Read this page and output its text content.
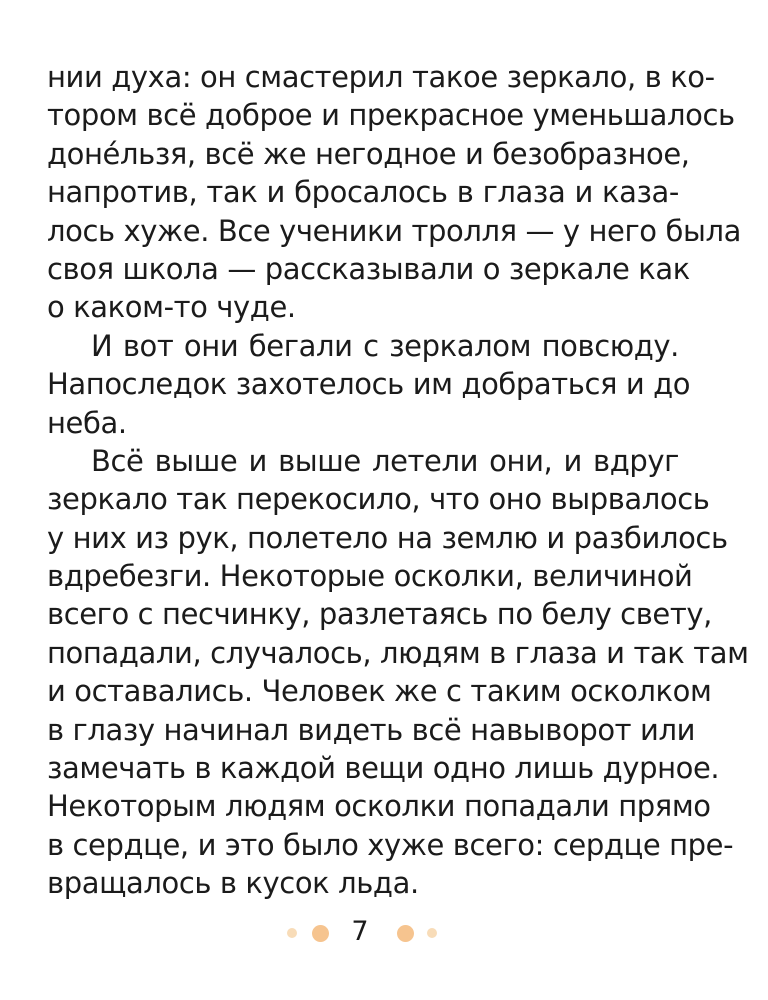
нии духа: он смастерил такое зеркало, в ко-
тором всё доброе и прекрасное уменьшалось
доне́льзя, всё же негодное и безобразное,
напротив, так и бросалось в глаза и каза-
лось хуже. Все ученики тролля — у него была
своя школа — рассказывали о зеркале как
о каком-то чуде.
И вот они бегали с зеркалом повсюду.
Напоследок захотелось им добраться и до
неба.
Всё выше и выше летели они, и вдруг
зеркало так перекосило, что оно вырвалось
у них из рук, полетело на землю и разбилось
вдребезги. Некоторые осколки, величиной
всего с песчинку, разлетаясь по белу свету,
попадали, случалось, людям в глаза и так там
и оставались. Человек же с таким осколком
в глазу начинал видеть всё навыворот или
замечать в каждой вещи одно лишь дурное.
Некоторым людям осколки попадали прямо
в сердце, и это было хуже всего: сердце пре-
вращалось в кусок льда.
7
